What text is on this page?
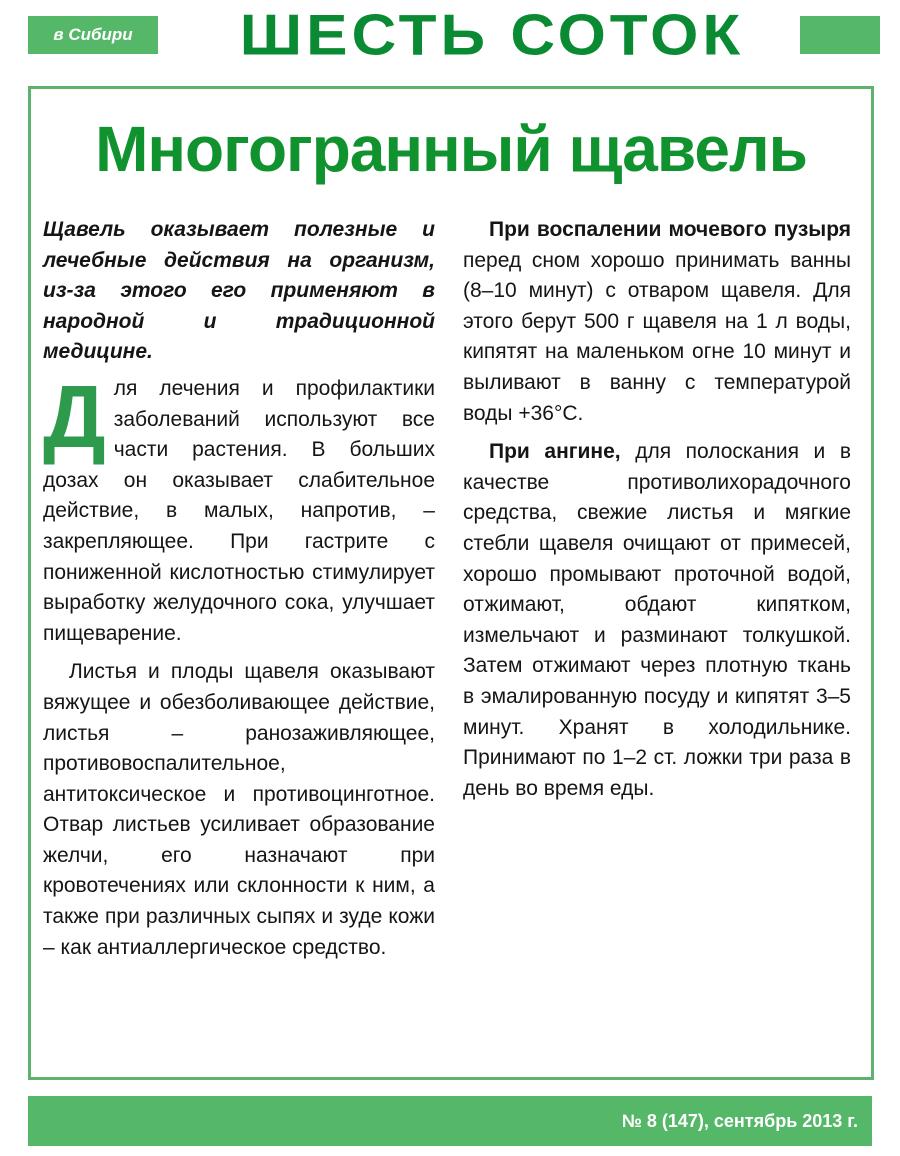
в Сибири	ШЕСТЬ СОТОК
Многогранный щавель

Щавель оказывает полезные и лечебные действия на организм, из-за этого его применяют в народной и традиционной медицине.

Для лечения и профилактики заболеваний используют все части растения. В больших дозах он оказывает слабительное действие, в малых, напротив, – закрепляющее. При гастрите с пониженной кислотностью стимулирует выработку желудочного сока, улучшает пищеварение.

Листья и плоды щавеля оказывают вяжущее и обезболивающее действие, листья – ранозаживляющее, противовоспалительное, антитоксическое и противоцинготное. Отвар листьев усиливает образование желчи, его назначают при кровотечениях или склонности к ним, а также при различных сыпях и зуде кожи – как антиаллергическое средство.

При воспалении мочевого пузыря перед сном хорошо принимать ванны (8–10 минут) с отваром щавеля. Для этого берут 500 г щавеля на 1 л воды, кипятят на маленьком огне 10 минут и выливают в ванну с температурой воды +36°С.

При ангине, для полоскания и в качестве противолихорадочного средства, свежие листья и мягкие стебли щавеля очищают от примесей, хорошо промывают проточной водой, отжимают, обдают кипятком, измельчают и разминают толкушкой. Затем отжимают через плотную ткань в эмалированную посуду и кипятят 3–5 минут. Хранят в холодильнике. Принимают по 1–2 ст. ложки три раза в день во время еды.

№ 8 (147), сентябрь 2013 г.
